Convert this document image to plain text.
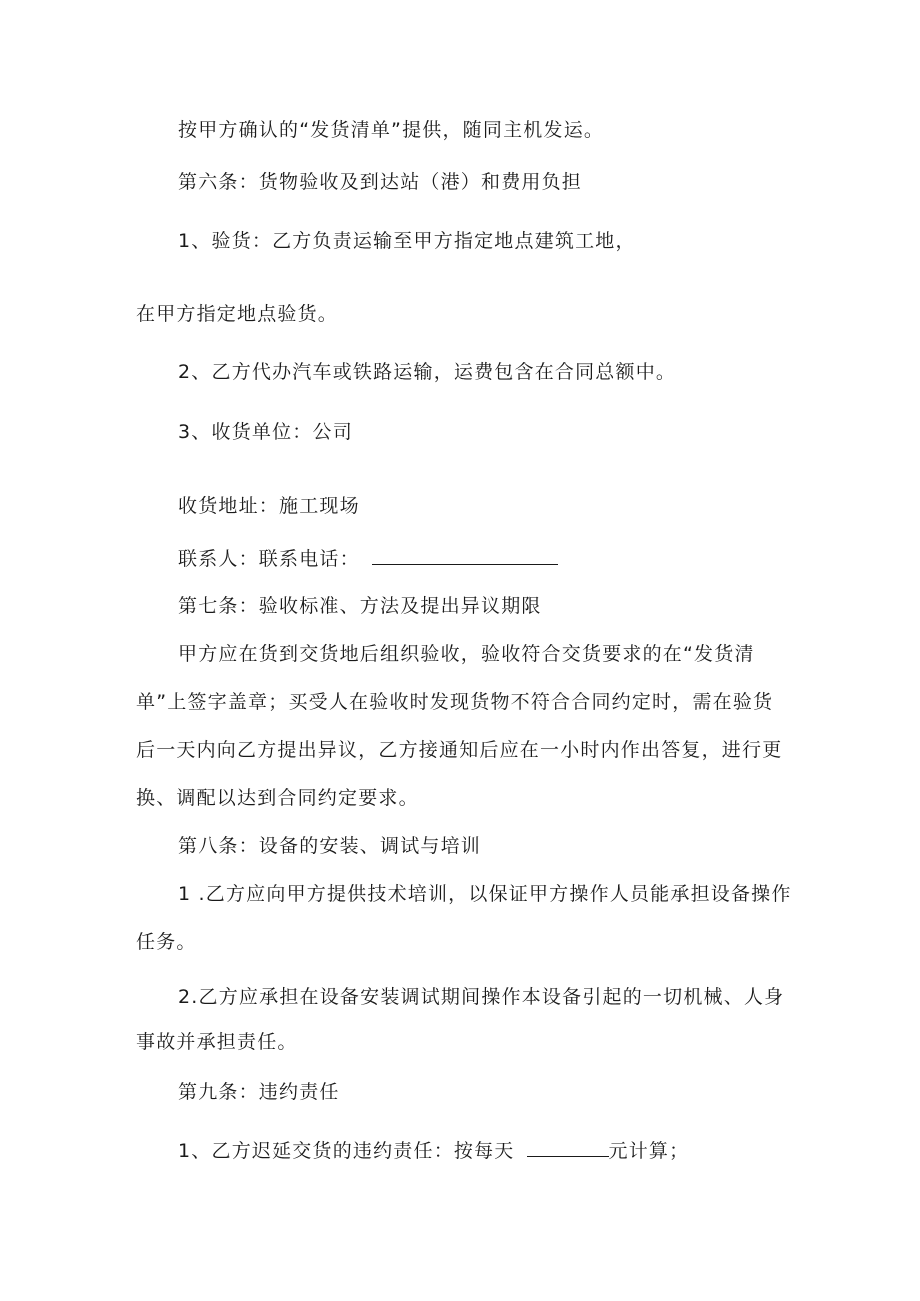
按甲方确认的“发货清单”提供，随同主机发运。
第六条：货物验收及到达站（港）和费用负担
1、验货：乙方负责运输至甲方指定地点建筑工地，
在甲方指定地点验货。
2、乙方代办汽车或铁路运输，运费包含在合同总额中。
3、收货单位：公司
收货地址：施工现场
联系人：联系电话：
第七条：验收标准、方法及提出异议期限
甲方应在货到交货地后组织验收，验收符合交货要求的在“发货清
单”上签字盖章；买受人在验收时发现货物不符合合同约定时，需在验货
后一天内向乙方提出异议，乙方接通知后应在一小时内作出答复，进行更
换、调配以达到合同约定要求。
第八条：设备的安装、调试与培训
1 .乙方应向甲方提供技术培训，以保证甲方操作人员能承担设备操作
任务。
2.乙方应承担在设备安装调试期间操作本设备引起的一切机械、人身
事故并承担责任。
第九条：违约责任
1、乙方迟延交货的违约责任：按每天	元计算；
